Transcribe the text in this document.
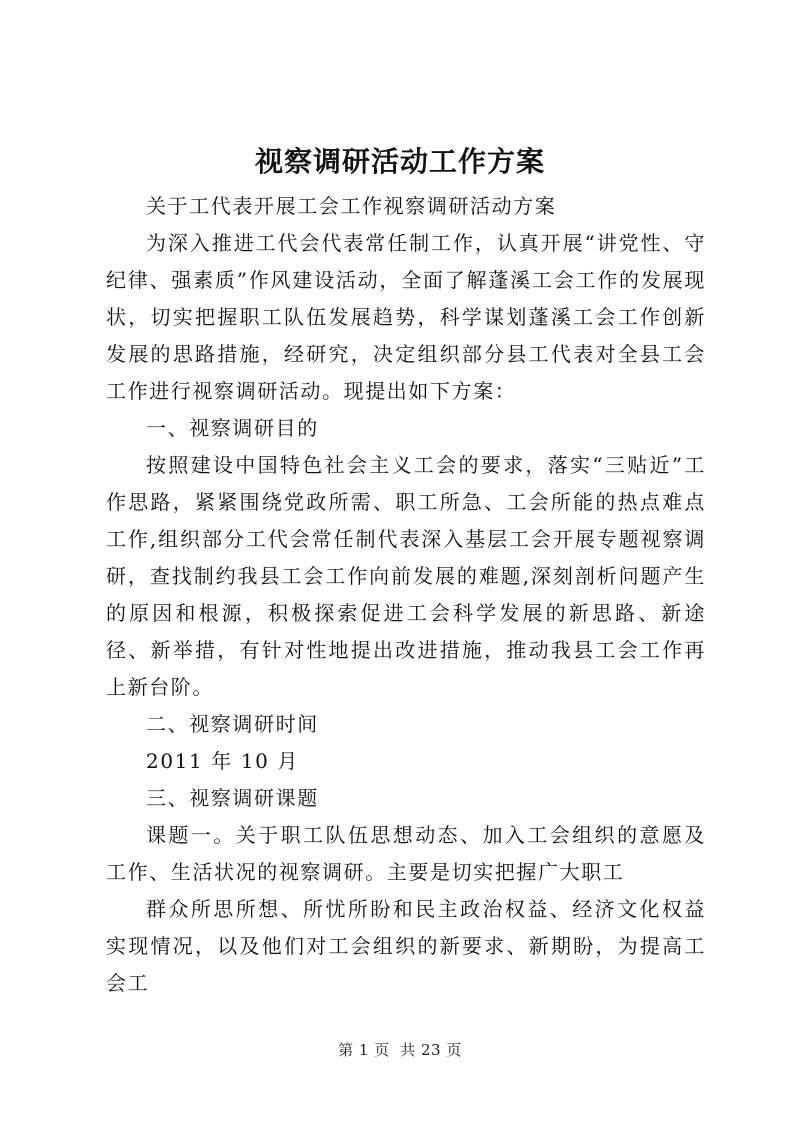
视察调研活动工作方案

关于工代表开展工会工作视察调研活动方案

为深入推进工代会代表常任制工作，认真开展“讲党性、守纪律、强素质”作风建设活动，全面了解蓬溪工会工作的发展现状，切实把握职工队伍发展趋势，科学谋划蓬溪工会工作创新发展的思路措施，经研究，决定组织部分县工代表对全县工会工作进行视察调研活动。现提出如下方案：

一、视察调研目的

按照建设中国特色社会主义工会的要求，落实“三贴近”工作思路，紧紧围绕党政所需、职工所急、工会所能的热点难点工作,组织部分工代会常任制代表深入基层工会开展专题视察调研，查找制约我县工会工作向前发展的难题,深刻剖析问题产生的原因和根源，积极探索促进工会科学发展的新思路、新途径、新举措，有针对性地提出改进措施，推动我县工会工作再上新台阶。

二、视察调研时间

2011 年 10 月

三、视察调研课题

课题一。关于职工队伍思想动态、加入工会组织的意愿及工作、生活状况的视察调研。主要是切实把握广大职工

群众所思所想、所忧所盼和民主政治权益、经济文化权益实现情况，以及他们对工会组织的新要求、新期盼，为提高工会工

第 1 页  共 23 页
